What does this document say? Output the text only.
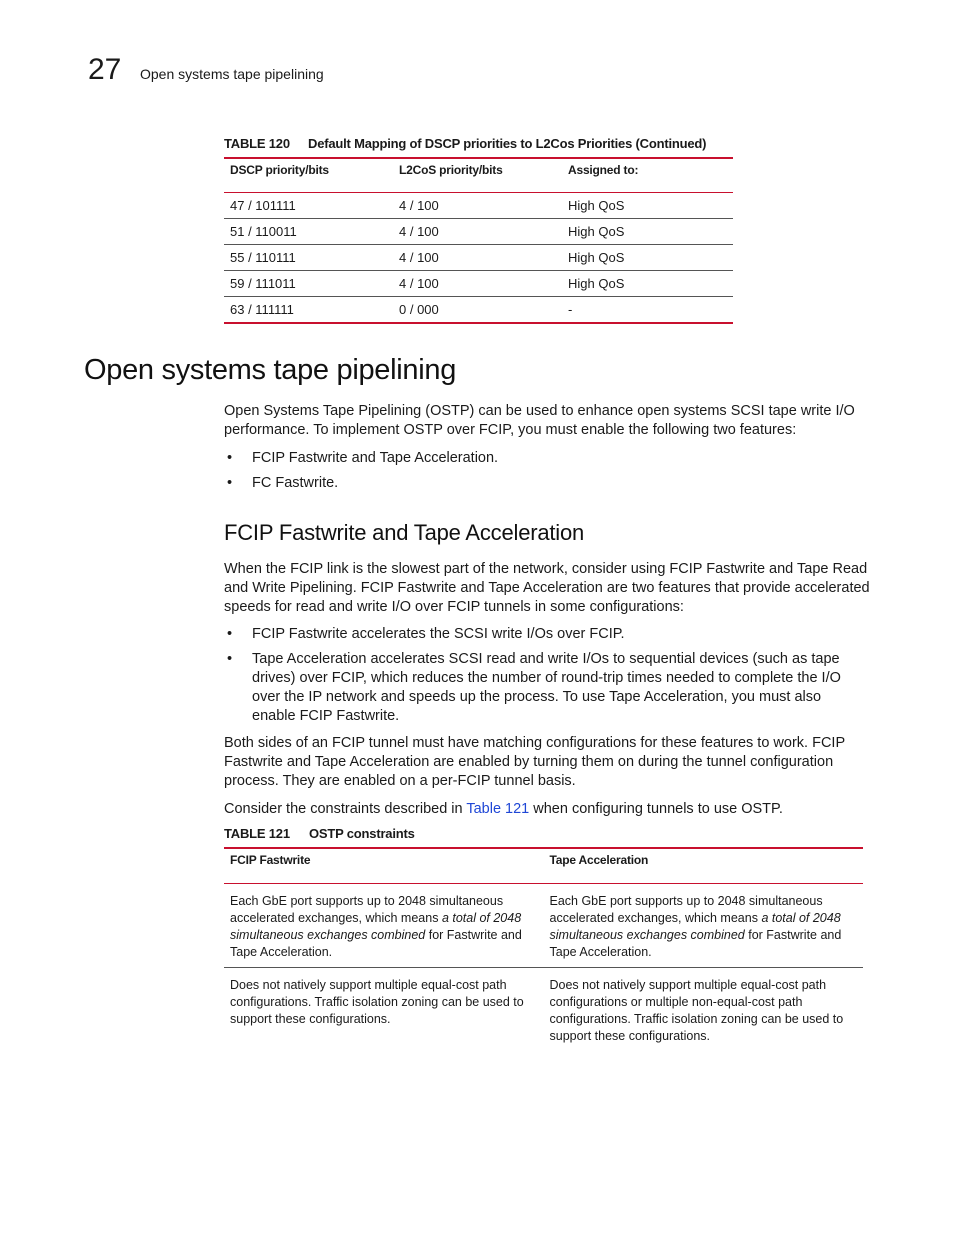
27 Open systems tape pipelining
TABLE 120 Default Mapping of DSCP priorities to L2Cos Priorities (Continued)
DSCP priority/bits	L2CoS priority/bits	Assigned to:
47 / 101111	4 / 100	High QoS
51 / 110011	4 / 100	High QoS
55 / 110111	4 / 100	High QoS
59 / 111011	4 / 100	High QoS
63 / 111111	0 / 000	-
Open systems tape pipelining

Open Systems Tape Pipelining (OSTP) can be used to enhance open systems SCSI tape write I/O performance. To implement OSTP over FCIP, you must enable the following two features:

• FCIP Fastwrite and Tape Acceleration.
• FC Fastwrite.
FCIP Fastwrite and Tape Acceleration

When the FCIP link is the slowest part of the network, consider using FCIP Fastwrite and Tape Read and Write Pipelining. FCIP Fastwrite and Tape Acceleration are two features that provide accelerated speeds for read and write I/O over FCIP tunnels in some configurations:

• FCIP Fastwrite accelerates the SCSI write I/Os over FCIP.
• Tape Acceleration accelerates SCSI read and write I/Os to sequential devices (such as tape drives) over FCIP, which reduces the number of round-trip times needed to complete the I/O over the IP network and speeds up the process. To use Tape Acceleration, you must also enable FCIP Fastwrite.

Both sides of an FCIP tunnel must have matching configurations for these features to work. FCIP Fastwrite and Tape Acceleration are enabled by turning them on during the tunnel configuration process. They are enabled on a per-FCIP tunnel basis.

Consider the constraints described in Table 121 when configuring tunnels to use OSTP.

TABLE 121 OSTP constraints
FCIP Fastwrite	Tape Acceleration
Each GbE port supports up to 2048 simultaneous accelerated exchanges, which means a total of 2048 simultaneous exchanges combined for Fastwrite and Tape Acceleration.	Each GbE port supports up to 2048 simultaneous accelerated exchanges, which means a total of 2048 simultaneous exchanges combined for Fastwrite and Tape Acceleration.
Does not natively support multiple equal-cost path configurations. Traffic isolation zoning can be used to support these configurations.	Does not natively support multiple equal-cost path configurations or multiple non-equal-cost path configurations. Traffic isolation zoning can be used to support these configurations.
